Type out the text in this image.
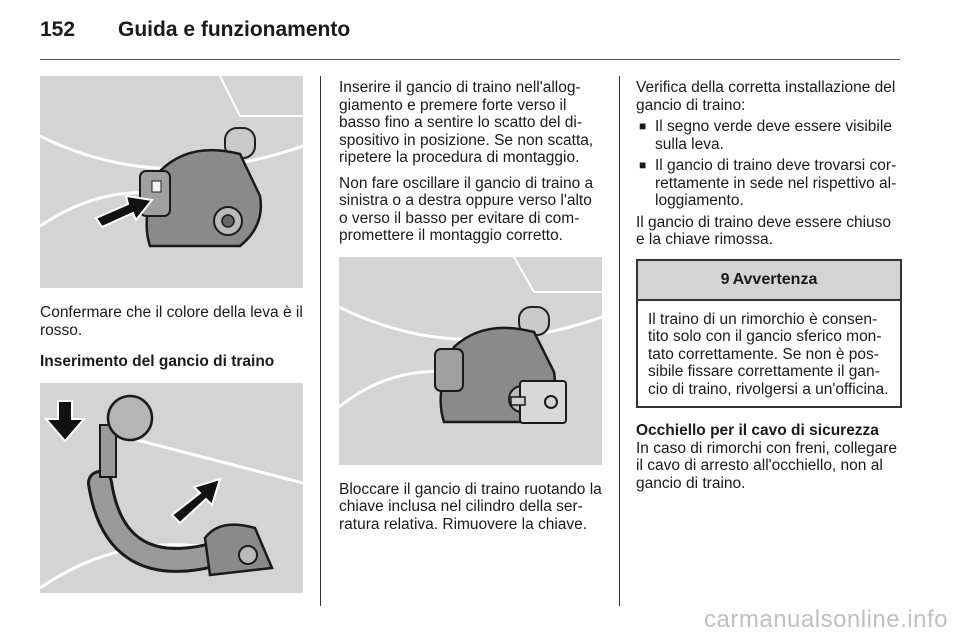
152	Guida e funzionamento

Confermare che il colore della leva è il rosso.

Inserimento del gancio di traino

Inserire il gancio di traino nell'alloggiamento e premere forte verso il basso fino a sentire lo scatto del dispositivo in posizione. Se non scatta, ripetere la procedura di montaggio.

Non fare oscillare il gancio di traino a sinistra o a destra oppure verso l'alto o verso il basso per evitare di compromettere il montaggio corretto.

Bloccare il gancio di traino ruotando la chiave inclusa nel cilindro della serratura relativa. Rimuovere la chiave.

Verifica della corretta installazione del gancio di traino:

■ Il segno verde deve essere visibile sulla leva.
■ Il gancio di traino deve trovarsi correttamente in sede nel rispettivo alloggiamento.

Il gancio di traino deve essere chiuso e la chiave rimossa.

9 Avvertenza

Il traino di un rimorchio è consentito solo con il gancio sferico montato correttamente. Se non è possibile fissare correttamente il gancio di traino, rivolgersi a un'officina.

Occhiello per il cavo di sicurezza

In caso di rimorchi con freni, collegare il cavo di arresto all'occhiello, non al gancio di traino.

carmanualsonline.info
